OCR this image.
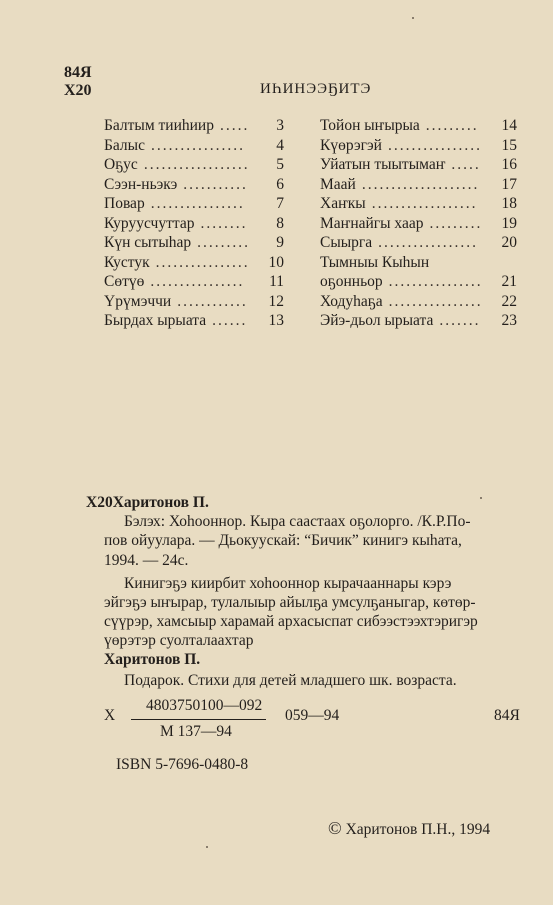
84Я
X20	ИҺИНЭЭҔИТЭ
Балтым тииһиир .....	3
Балыс ................	4
Оҕус ..................	5
Сээн-ньэкэ ...........	6
Повар ................	7
Куруусчуттар ........	8
Күн сытыһар .........	9
Кустук ................	10
Сөтүө ................	11
Үрүмэччи ............	12
Бырдах ырыата ......	13
Тойон ыҥырыа .........	14
Күөрэгэй ................	15
Уйатын тыытымаҥ .....	16
Маай ....................	17
Хаҥкы ..................	18
Маҥнайгы хаар .........	19
Сыырга .................	20
Тымныы Кыһын
оҕонньор ................	21
Ходуһаҕа ................	22
Эйэ-дьол ырыата .......	23
X20Харитонов П.
Бэлэх: Хоһооннор. Кыра саастаах оҕолорго. /К.Р.По-
пов ойуулара. — Дьокуускай: “Бичик” кинигэ кыһата,
1994. — 24с.
Кинигэҕэ киирбит хоһооннор кырачааннары кэрэ
эйгэҕэ ыҥырар, тулалыыр айылҕа умсулҕаныгар, көтөр-
сүүрэр, хамсыыр харамай архасыспат сибээстээхтэригэр
үөрэтэр суолталаахтар
Харитонов П.
Подарок. Стихи для детей младшего шк. возраста.
X
4803750100—092
М 137—94
059—94	84Я
ISBN 5-7696-0480-8
© Харитонов П.Н., 1994
